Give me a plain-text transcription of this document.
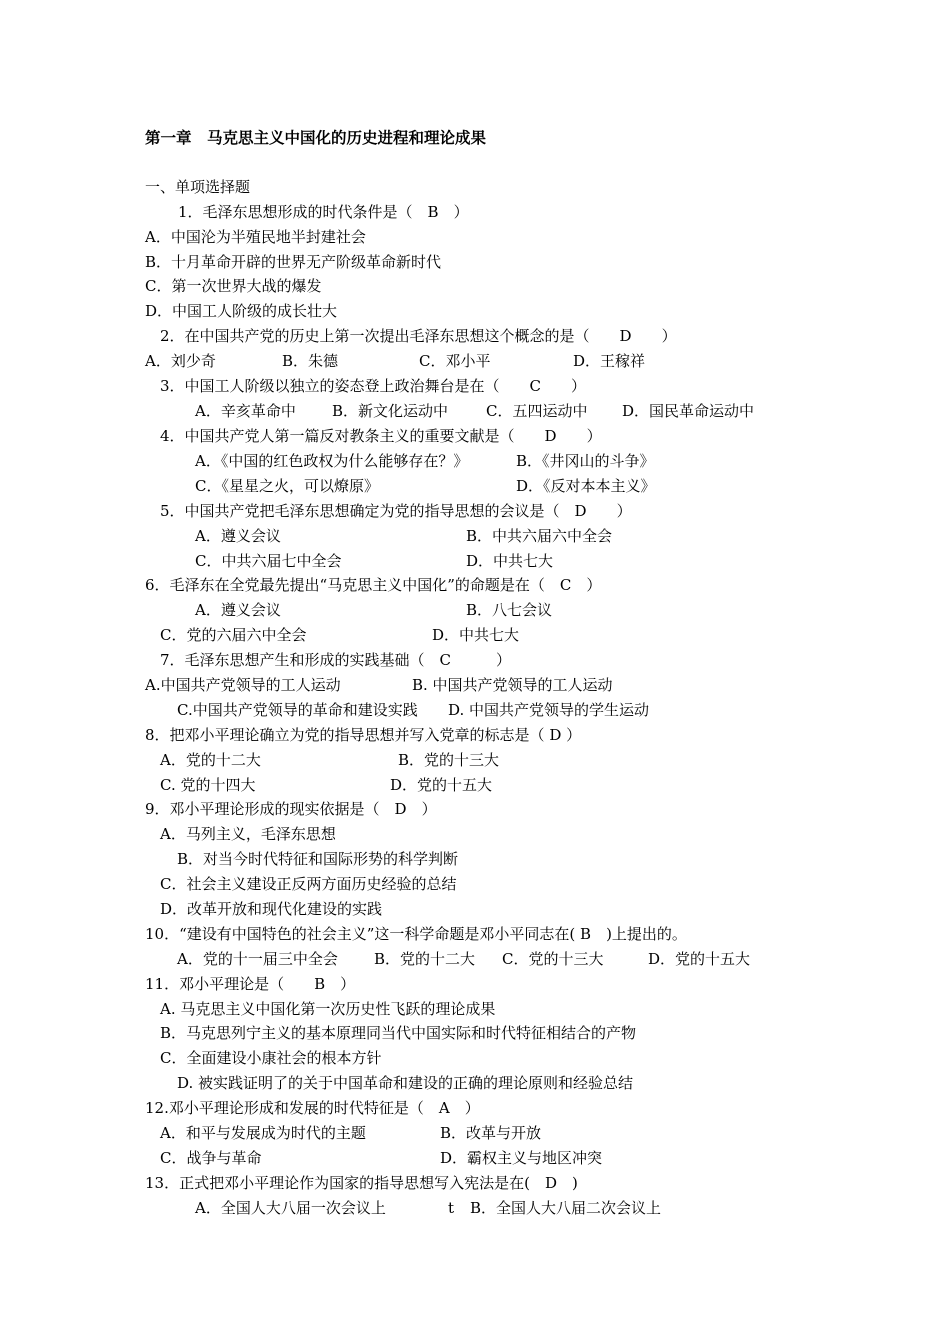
第一章　马克思主义中国化的历史进程和理论成果
一、单项选择题
1．毛泽东思想形成的时代条件是（　B　）
A．中国沦为半殖民地半封建社会
B．十月革命开辟的世界无产阶级革命新时代
C．第一次世界大战的爆发
D．中国工人阶级的成长壮大
2．在中国共产党的历史上第一次提出毛泽东思想这个概念的是（　　D　　）
A．刘少奇	B．朱德	C．邓小平	D．王稼祥
3．中国工人阶级以独立的姿态登上政治舞台是在（　　C　　）
A．辛亥革命中 B．新文化运动中	C．五四运动中 D．国民革命运动中
4．中国共产党人第一篇反对教条主义的重要文献是（　　D　　）
A．《中国的红色政权为什么能够存在？》	B．《井冈山的斗争》
C．《星星之火，可以燎原》	D．《反对本本主义》
5．中国共产党把毛泽东思想确定为党的指导思想的会议是（　D　　）
A．遵义会议	B．中共六届六中全会
C．中共六届七中全会	D．中共七大
6．毛泽东在全党最先提出“马克思主义中国化”的命题是在（　C　）
A．遵义会议	B．八七会议
C．党的六届六中全会	D．中共七大
7．毛泽东思想产生和形成的实践基础（　C　　　）
A.中国共产党领导的工人运动	B. 中国共产党领导的工人运动
C.中国共产党领导的革命和建设实践 D. 中国共产党领导的学生运动
8．把邓小平理论确立为党的指导思想并写入党章的标志是（ D ）
A．党的十二大	B．党的十三大
C. 党的十四大	D．党的十五大
9．邓小平理论形成的现实依据是（　D　）
A．马列主义，毛泽东思想
B．对当今时代特征和国际形势的科学判断
C．社会主义建设正反两方面历史经验的总结
D．改革开放和现代化建设的实践
10．“建设有中国特色的社会主义”这一科学命题是邓小平同志在( B　)上提出的。
A．党的十一届三中全会 B．党的十二大 C．党的十三大	D．党的十五大
11．邓小平理论是（　　B　）
A. 马克思主义中国化第一次历史性飞跃的理论成果
B．马克思列宁主义的基本原理同当代中国实际和时代特征相结合的产物
C．全面建设小康社会的根本方针
D. 被实践证明了的关于中国革命和建设的正确的理论原则和经验总结
12.邓小平理论形成和发展的时代特征是（　A　）
A．和平与发展成为时代的主题	B．改革与开放
C．战争与革命	D．霸权主义与地区冲突
13．正式把邓小平理论作为国家的指导思想写入宪法是在(　D　)
A．全国人大八届一次会议上	t B．全国人大八届二次会议上
